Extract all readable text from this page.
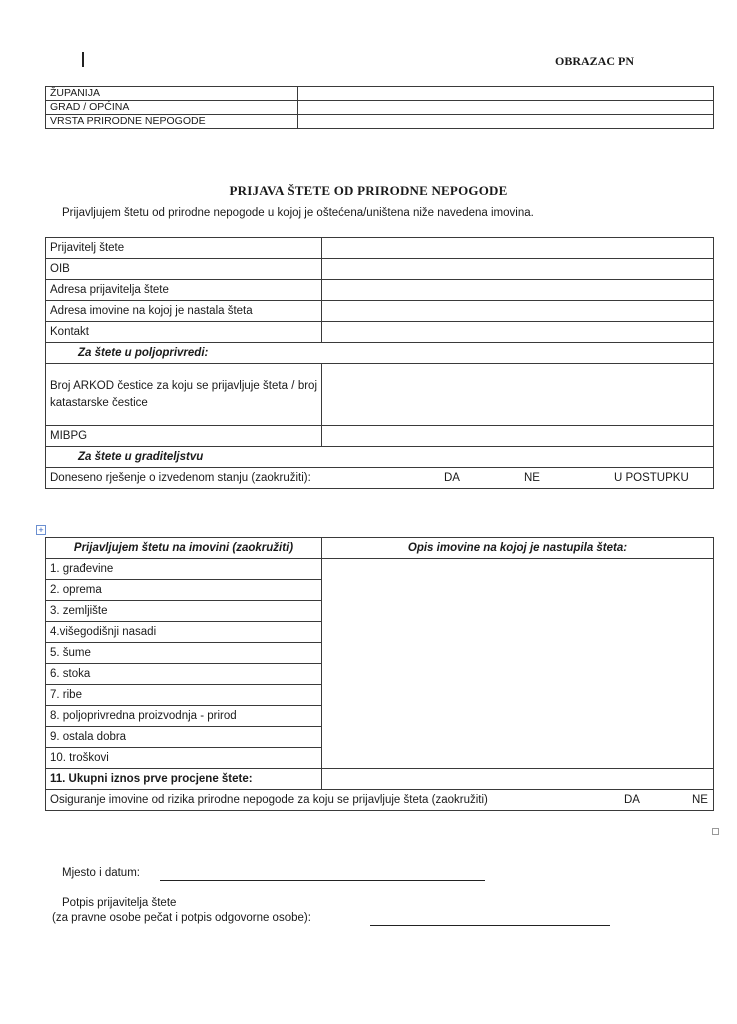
OBRAZAC PN
ŽUPANIJA	
GRAD / OPĆINA	
VRSTA PRIRODNE NEPOGODE	
PRIJAVA ŠTETE OD PRIRODNE NEPOGODE
Prijavljujem štetu od prirodne nepogode u kojoj je oštećena/uništena niže navedena imovina.
Prijavitelj štete	
OIB	
Adresa prijavitelja štete	
Adresa imovine na kojoj je nastala šteta	
Kontakt	
Za štete u poljoprivredi:	
Broj ARKOD čestice za koju se prijavljuje šteta / broj katastarske čestice	
MIBPG	
Za štete u graditeljstvu	
Doneseno rješenje o izvedenom stanju (zaokružiti): DA NE U POSTUPKU	
+
Prijavljujem štetu na imovini (zaokružiti)	Opis imovine na kojoj je nastupila šteta:
1. građevine	
2. oprema	
3. zemljište	
4.višegodišnji nasadi	
5. šume	
6. stoka	
7. ribe	
8. poljoprivredna proizvodnja - prirod	
9. ostala dobra	
10. troškovi	
11. Ukupni iznos prve procjene štete:	
Osiguranje imovine od rizika prirodne nepogode za koju se prijavljuje šteta (zaokružiti) DA NE	
Mjesto i datum:
Potpis prijavitelja štete
(za pravne osobe pečat i potpis odgovorne osobe):
